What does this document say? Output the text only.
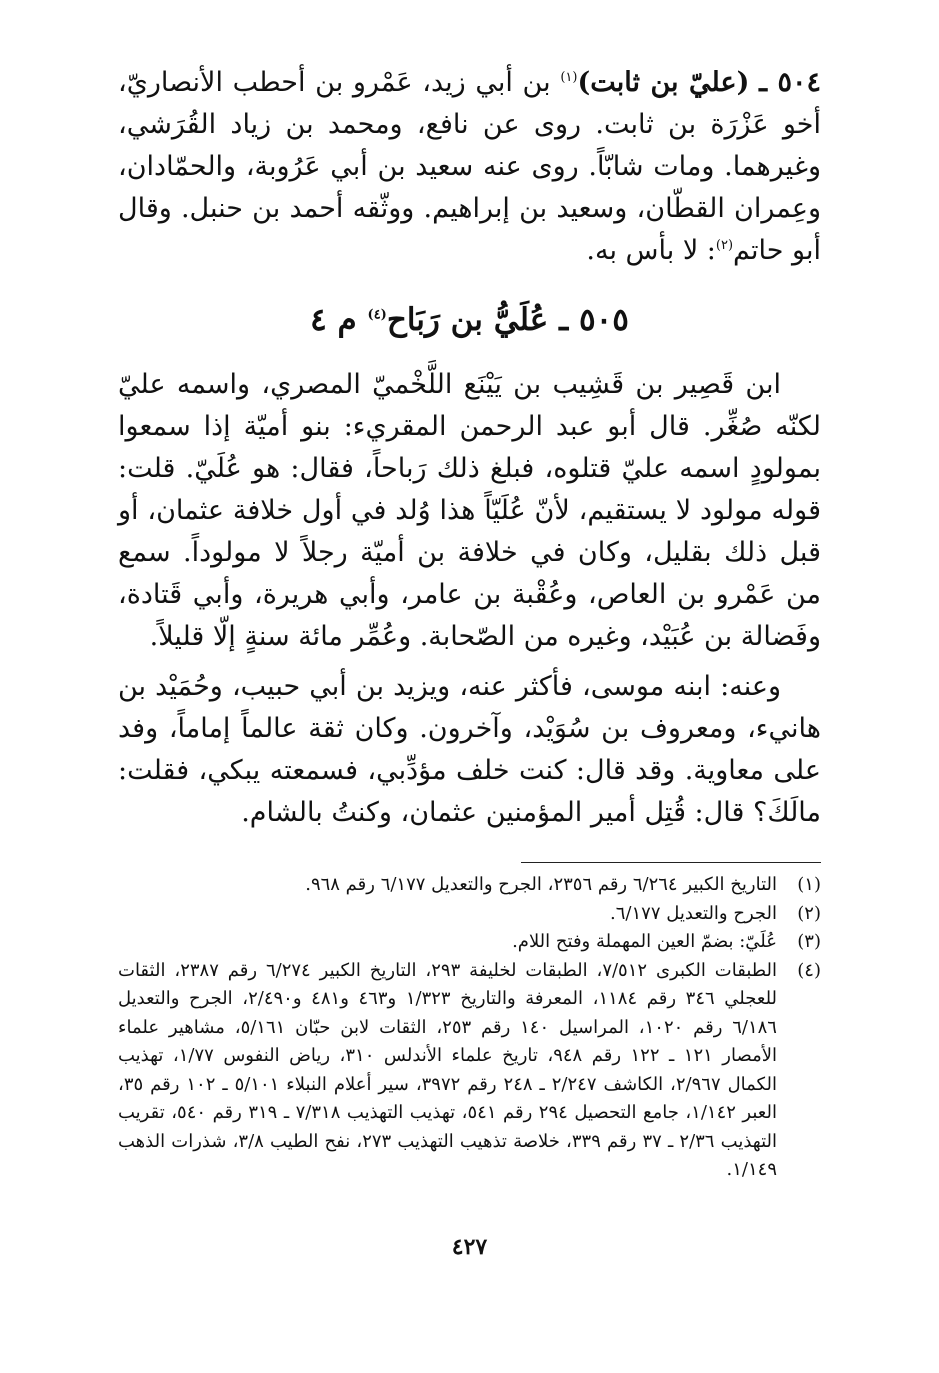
٥٠٤ ـ (عليّ بن ثابت)$^{(١)}$ بن أبي زيد، عَمْرو بن أحطب الأنصاريّ، أخو عَزْرَة بن ثابت. روى عن نافع، ومحمد بن زياد القُرَشي، وغيرهما. ومات شابّاً. روى عنه سعيد بن أبي عَرُوبة، والحمّادان، وعِمران القطّان، وسعيد بن إبراهيم. ووثّقه أحمد بن حنبل. وقال أبو حاتم$^{(٢)}$: لا بأس به.

٥٠٥ ـ عُلَيُّ بن رَبَاح$^{(٤)}$ م ٤

ابن قَصِير بن قَشِيب بن يَيْنَع اللَّخْميّ المصري، واسمه عليّ لكنّه صُغِّر. قال أبو عبد الرحمن المقريء: بنو أميّة إذا سمعوا بمولودٍ اسمه عليّ قتلوه، فبلغ ذلك رَباحاً، فقال: هو عُلَيّ. قلت: قوله مولود لا يستقيم، لأنّ عُلَيّاً هذا وُلد في أول خلافة عثمان، أو قبل ذلك بقليل، وكان في خلافة بن أميّة رجلاً لا مولوداً. سمع من عَمْرو بن العاص، وعُقْبة بن عامر، وأبي هريرة، وأبي قَتادة، وفَضالة بن عُبَيْد، وغيره من الصّحابة. وعُمِّر مائة سنةٍ إلّا قليلاً.

وعنه: ابنه موسى، فأكثر عنه، ويزيد بن أبي حبيب، وحُمَيْد بن هانيء، ومعروف بن سُوَيْد، وآخرون. وكان ثقة عالماً إماماً، وفد على معاوية. وقد قال: كنت خلف مؤدِّبي، فسمعته يبكي، فقلت: مالَكَ؟ قال: قُتِل أمير المؤمنين عثمان، وكنتُ بالشام.

(١)
التاريخ الكبير ٦/٢٦٤ رقم ٢٣٥٦، الجرح والتعديل ٦/١٧٧ رقم ٩٦٨.
(٢)
الجرح والتعديل ٦/١٧٧.
(٣)
عُلَيّ: بضمّ العين المهملة وفتح اللام.
(٤)
الطبقات الكبرى ٧/٥١٢، الطبقات لخليفة ٢٩٣، التاريخ الكبير ٦/٢٧٤ رقم ٢٣٨٧، الثقات للعجلي ٣٤٦ رقم ١١٨٤، المعرفة والتاريخ ١/٣٢٣ و٤٦٣ و٤٨١ و٢/٤٩٠، الجرح والتعديل ٦/١٨٦ رقم ١٠٢٠، المراسيل ١٤٠ رقم ٢٥٣، الثقات لابن حبّان ٥/١٦١، مشاهير علماء الأمصار ١٢١ ـ ١٢٢ رقم ٩٤٨، تاريخ علماء الأندلس ٣١٠، رياض النفوس ١/٧٧، تهذيب الكمال ٢/٩٦٧، الكاشف ٢/٢٤٧ ـ ٢٤٨ رقم ٣٩٧٢، سير أعلام النبلاء ٥/١٠١ ـ ١٠٢ رقم ٣٥، العبر ١/١٤٢، جامع التحصيل ٢٩٤ رقم ٥٤١، تهذيب التهذيب ٧/٣١٨ ـ ٣١٩ رقم ٥٤٠، تقريب التهذيب ٢/٣٦ ـ ٣٧ رقم ٣٣٩، خلاصة تذهيب التهذيب ٢٧٣، نفح الطيب ٣/٨، شذرات الذهب ١/١٤٩.
٤٢٧
